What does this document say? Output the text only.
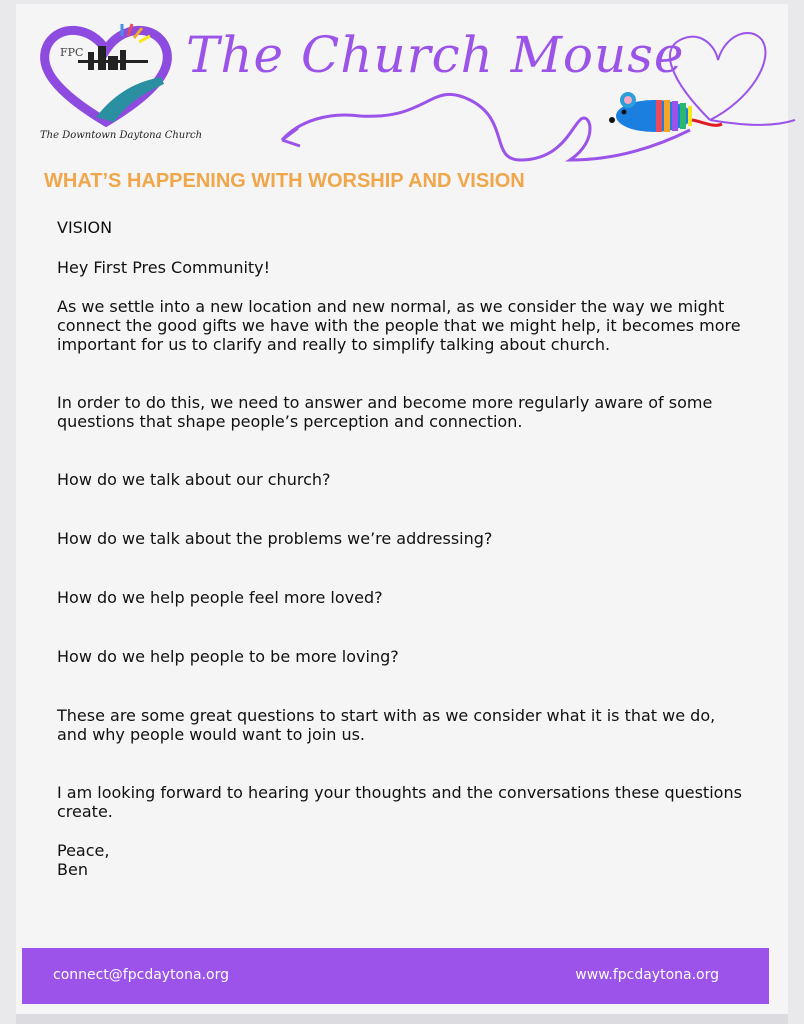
FPC
The Downtown Daytona Church
The Church Mouse
WHAT’S HAPPENING WITH WORSHIP AND VISION

VISION

Hey First Pres Community!

As we settle into a new location and new normal, as we consider the way we might connect the good gifts we have with the people that we might help, it becomes more important for us to clarify and really to simplify talking about church.

In order to do this, we need to answer and become more regularly aware of some questions that shape people’s perception and connection.

How do we talk about our church?

How do we talk about the problems we’re addressing?

How do we help people feel more loved?

How do we help people to be more loving?

These are some great questions to start with as we consider what it is that we do, and why people would want to join us.

I am looking forward to hearing your thoughts and the conversations these questions create.

Peace,

Ben

connect@fpcdaytona.org	www.fpcdaytona.org
